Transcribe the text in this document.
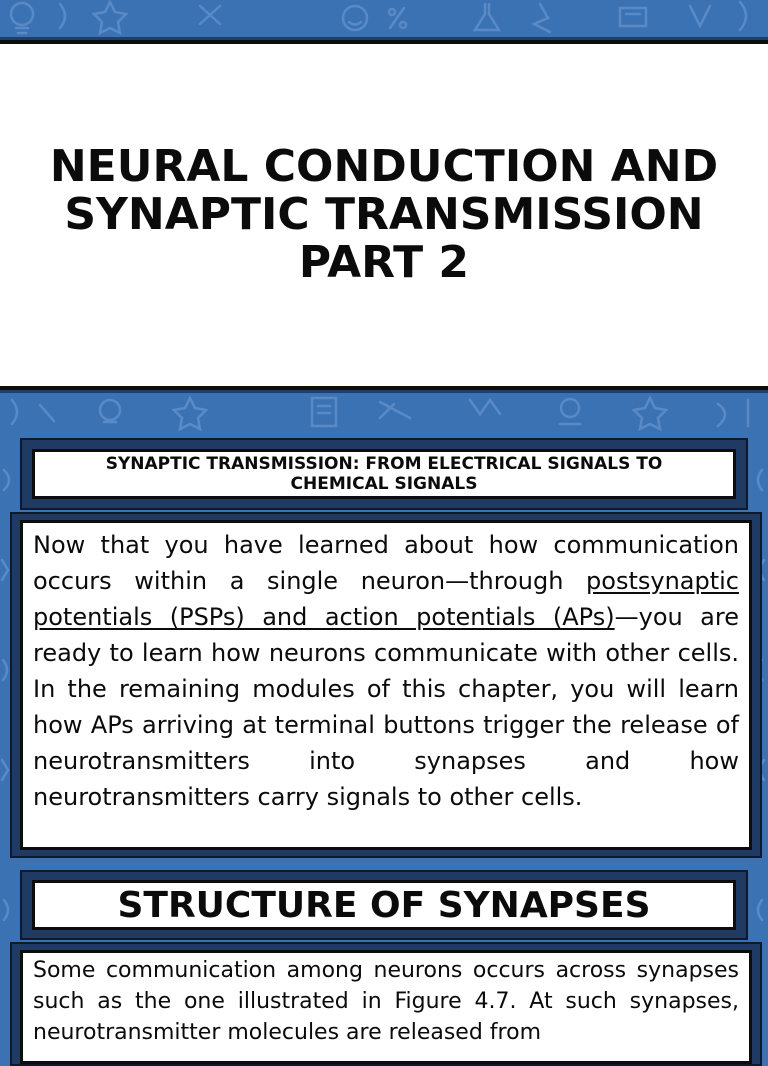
NEURAL CONDUCTION AND
SYNAPTIC TRANSMISSION
PART 2
SYNAPTIC TRANSMISSION: FROM ELECTRICAL SIGNALS TO
CHEMICAL SIGNALS

Now that you have learned about how communication occurs within a single neuron—through postsynaptic potentials (PSPs) and action potentials (APs)—you are ready to learn how neurons communicate with other cells. In the remaining modules of this chapter, you will learn how APs arriving at terminal buttons trigger the release of neurotransmitters into synapses and how neurotransmitters carry signals to other cells.

STRUCTURE OF SYNAPSES

Some communication among neurons occurs across synapses such as the one illustrated in Figure 4.7. At such synapses, neurotransmitter molecules are released from
